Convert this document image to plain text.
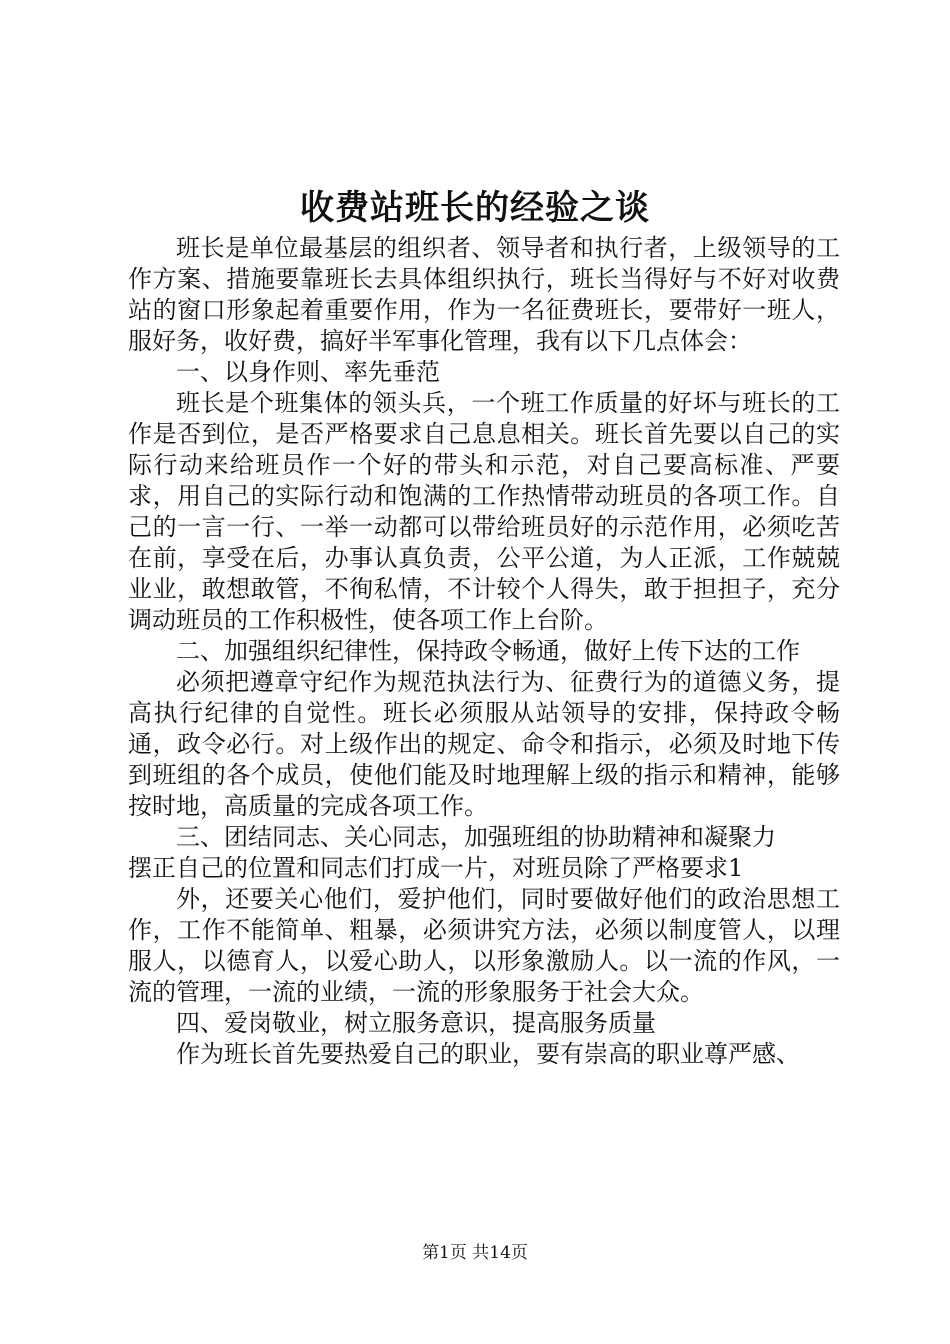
收费站班长的经验之谈

班长是单位最基层的组织者、领导者和执行者，上级领导的工作方案、措施要靠班长去具体组织执行，班长当得好与不好对收费站的窗口形象起着重要作用，作为一名征费班长，要带好一班人，服好务，收好费，搞好半军事化管理，我有以下几点体会：

一、以身作则、率先垂范

班长是个班集体的领头兵，一个班工作质量的好坏与班长的工作是否到位，是否严格要求自己息息相关。班长首先要以自己的实际行动来给班员作一个好的带头和示范，对自己要高标准、严要求，用自己的实际行动和饱满的工作热情带动班员的各项工作。自己的一言一行、一举一动都可以带给班员好的示范作用，必须吃苦在前，享受在后，办事认真负责，公平公道，为人正派，工作兢兢业业，敢想敢管，不徇私情，不计较个人得失，敢于担担子，充分调动班员的工作积极性，使各项工作上台阶。

二、加强组织纪律性，保持政令畅通，做好上传下达的工作

必须把遵章守纪作为规范执法行为、征费行为的道德义务，提高执行纪律的自觉性。班长必须服从站领导的安排，保持政令畅通，政令必行。对上级作出的规定、命令和指示，必须及时地下传到班组的各个成员，使他们能及时地理解上级的指示和精神，能够按时地，高质量的完成各项工作。

三、团结同志、关心同志，加强班组的协助精神和凝聚力

摆正自己的位置和同志们打成一片，对班员除了严格要求1

外，还要关心他们，爱护他们，同时要做好他们的政治思想工作，工作不能简单、粗暴，必须讲究方法，必须以制度管人，以理服人，以德育人，以爱心助人，以形象激励人。以一流的作风，一流的管理，一流的业绩，一流的形象服务于社会大众。

四、爱岗敬业，树立服务意识，提高服务质量

作为班长首先要热爱自己的职业，要有崇高的职业尊严感、

第1页 共14页
